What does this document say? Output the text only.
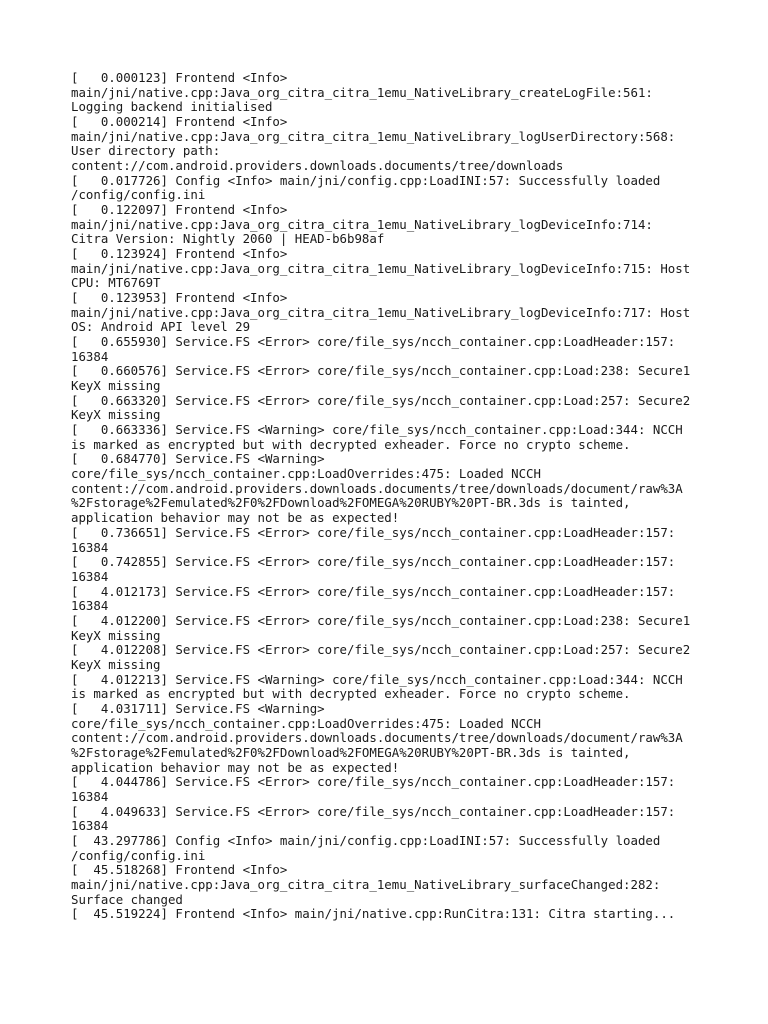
[   0.000123] Frontend <Info>
main/jni/native.cpp:Java_org_citra_citra_1emu_NativeLibrary_createLogFile:561:
Logging backend initialised
[   0.000214] Frontend <Info>
main/jni/native.cpp:Java_org_citra_citra_1emu_NativeLibrary_logUserDirectory:568:
User directory path:
content://com.android.providers.downloads.documents/tree/downloads
[   0.017726] Config <Info> main/jni/config.cpp:LoadINI:57: Successfully loaded
/config/config.ini
[   0.122097] Frontend <Info>
main/jni/native.cpp:Java_org_citra_citra_1emu_NativeLibrary_logDeviceInfo:714:
Citra Version: Nightly 2060 | HEAD-b6b98af
[   0.123924] Frontend <Info>
main/jni/native.cpp:Java_org_citra_citra_1emu_NativeLibrary_logDeviceInfo:715: Host
CPU: MT6769T
[   0.123953] Frontend <Info>
main/jni/native.cpp:Java_org_citra_citra_1emu_NativeLibrary_logDeviceInfo:717: Host
OS: Android API level 29
[   0.655930] Service.FS <Error> core/file_sys/ncch_container.cpp:LoadHeader:157:
16384
[   0.660576] Service.FS <Error> core/file_sys/ncch_container.cpp:Load:238: Secure1
KeyX missing
[   0.663320] Service.FS <Error> core/file_sys/ncch_container.cpp:Load:257: Secure2
KeyX missing
[   0.663336] Service.FS <Warning> core/file_sys/ncch_container.cpp:Load:344: NCCH
is marked as encrypted but with decrypted exheader. Force no crypto scheme.
[   0.684770] Service.FS <Warning>
core/file_sys/ncch_container.cpp:LoadOverrides:475: Loaded NCCH
content://com.android.providers.downloads.documents/tree/downloads/document/raw%3A
%2Fstorage%2Femulated%2F0%2FDownload%2FOMEGA%20RUBY%20PT-BR.3ds is tainted,
application behavior may not be as expected!
[   0.736651] Service.FS <Error> core/file_sys/ncch_container.cpp:LoadHeader:157:
16384
[   0.742855] Service.FS <Error> core/file_sys/ncch_container.cpp:LoadHeader:157:
16384
[   4.012173] Service.FS <Error> core/file_sys/ncch_container.cpp:LoadHeader:157:
16384
[   4.012200] Service.FS <Error> core/file_sys/ncch_container.cpp:Load:238: Secure1
KeyX missing
[   4.012208] Service.FS <Error> core/file_sys/ncch_container.cpp:Load:257: Secure2
KeyX missing
[   4.012213] Service.FS <Warning> core/file_sys/ncch_container.cpp:Load:344: NCCH
is marked as encrypted but with decrypted exheader. Force no crypto scheme.
[   4.031711] Service.FS <Warning>
core/file_sys/ncch_container.cpp:LoadOverrides:475: Loaded NCCH
content://com.android.providers.downloads.documents/tree/downloads/document/raw%3A
%2Fstorage%2Femulated%2F0%2FDownload%2FOMEGA%20RUBY%20PT-BR.3ds is tainted,
application behavior may not be as expected!
[   4.044786] Service.FS <Error> core/file_sys/ncch_container.cpp:LoadHeader:157:
16384
[   4.049633] Service.FS <Error> core/file_sys/ncch_container.cpp:LoadHeader:157:
16384
[  43.297786] Config <Info> main/jni/config.cpp:LoadINI:57: Successfully loaded
/config/config.ini
[  45.518268] Frontend <Info>
main/jni/native.cpp:Java_org_citra_citra_1emu_NativeLibrary_surfaceChanged:282:
Surface changed
[  45.519224] Frontend <Info> main/jni/native.cpp:RunCitra:131: Citra starting...
